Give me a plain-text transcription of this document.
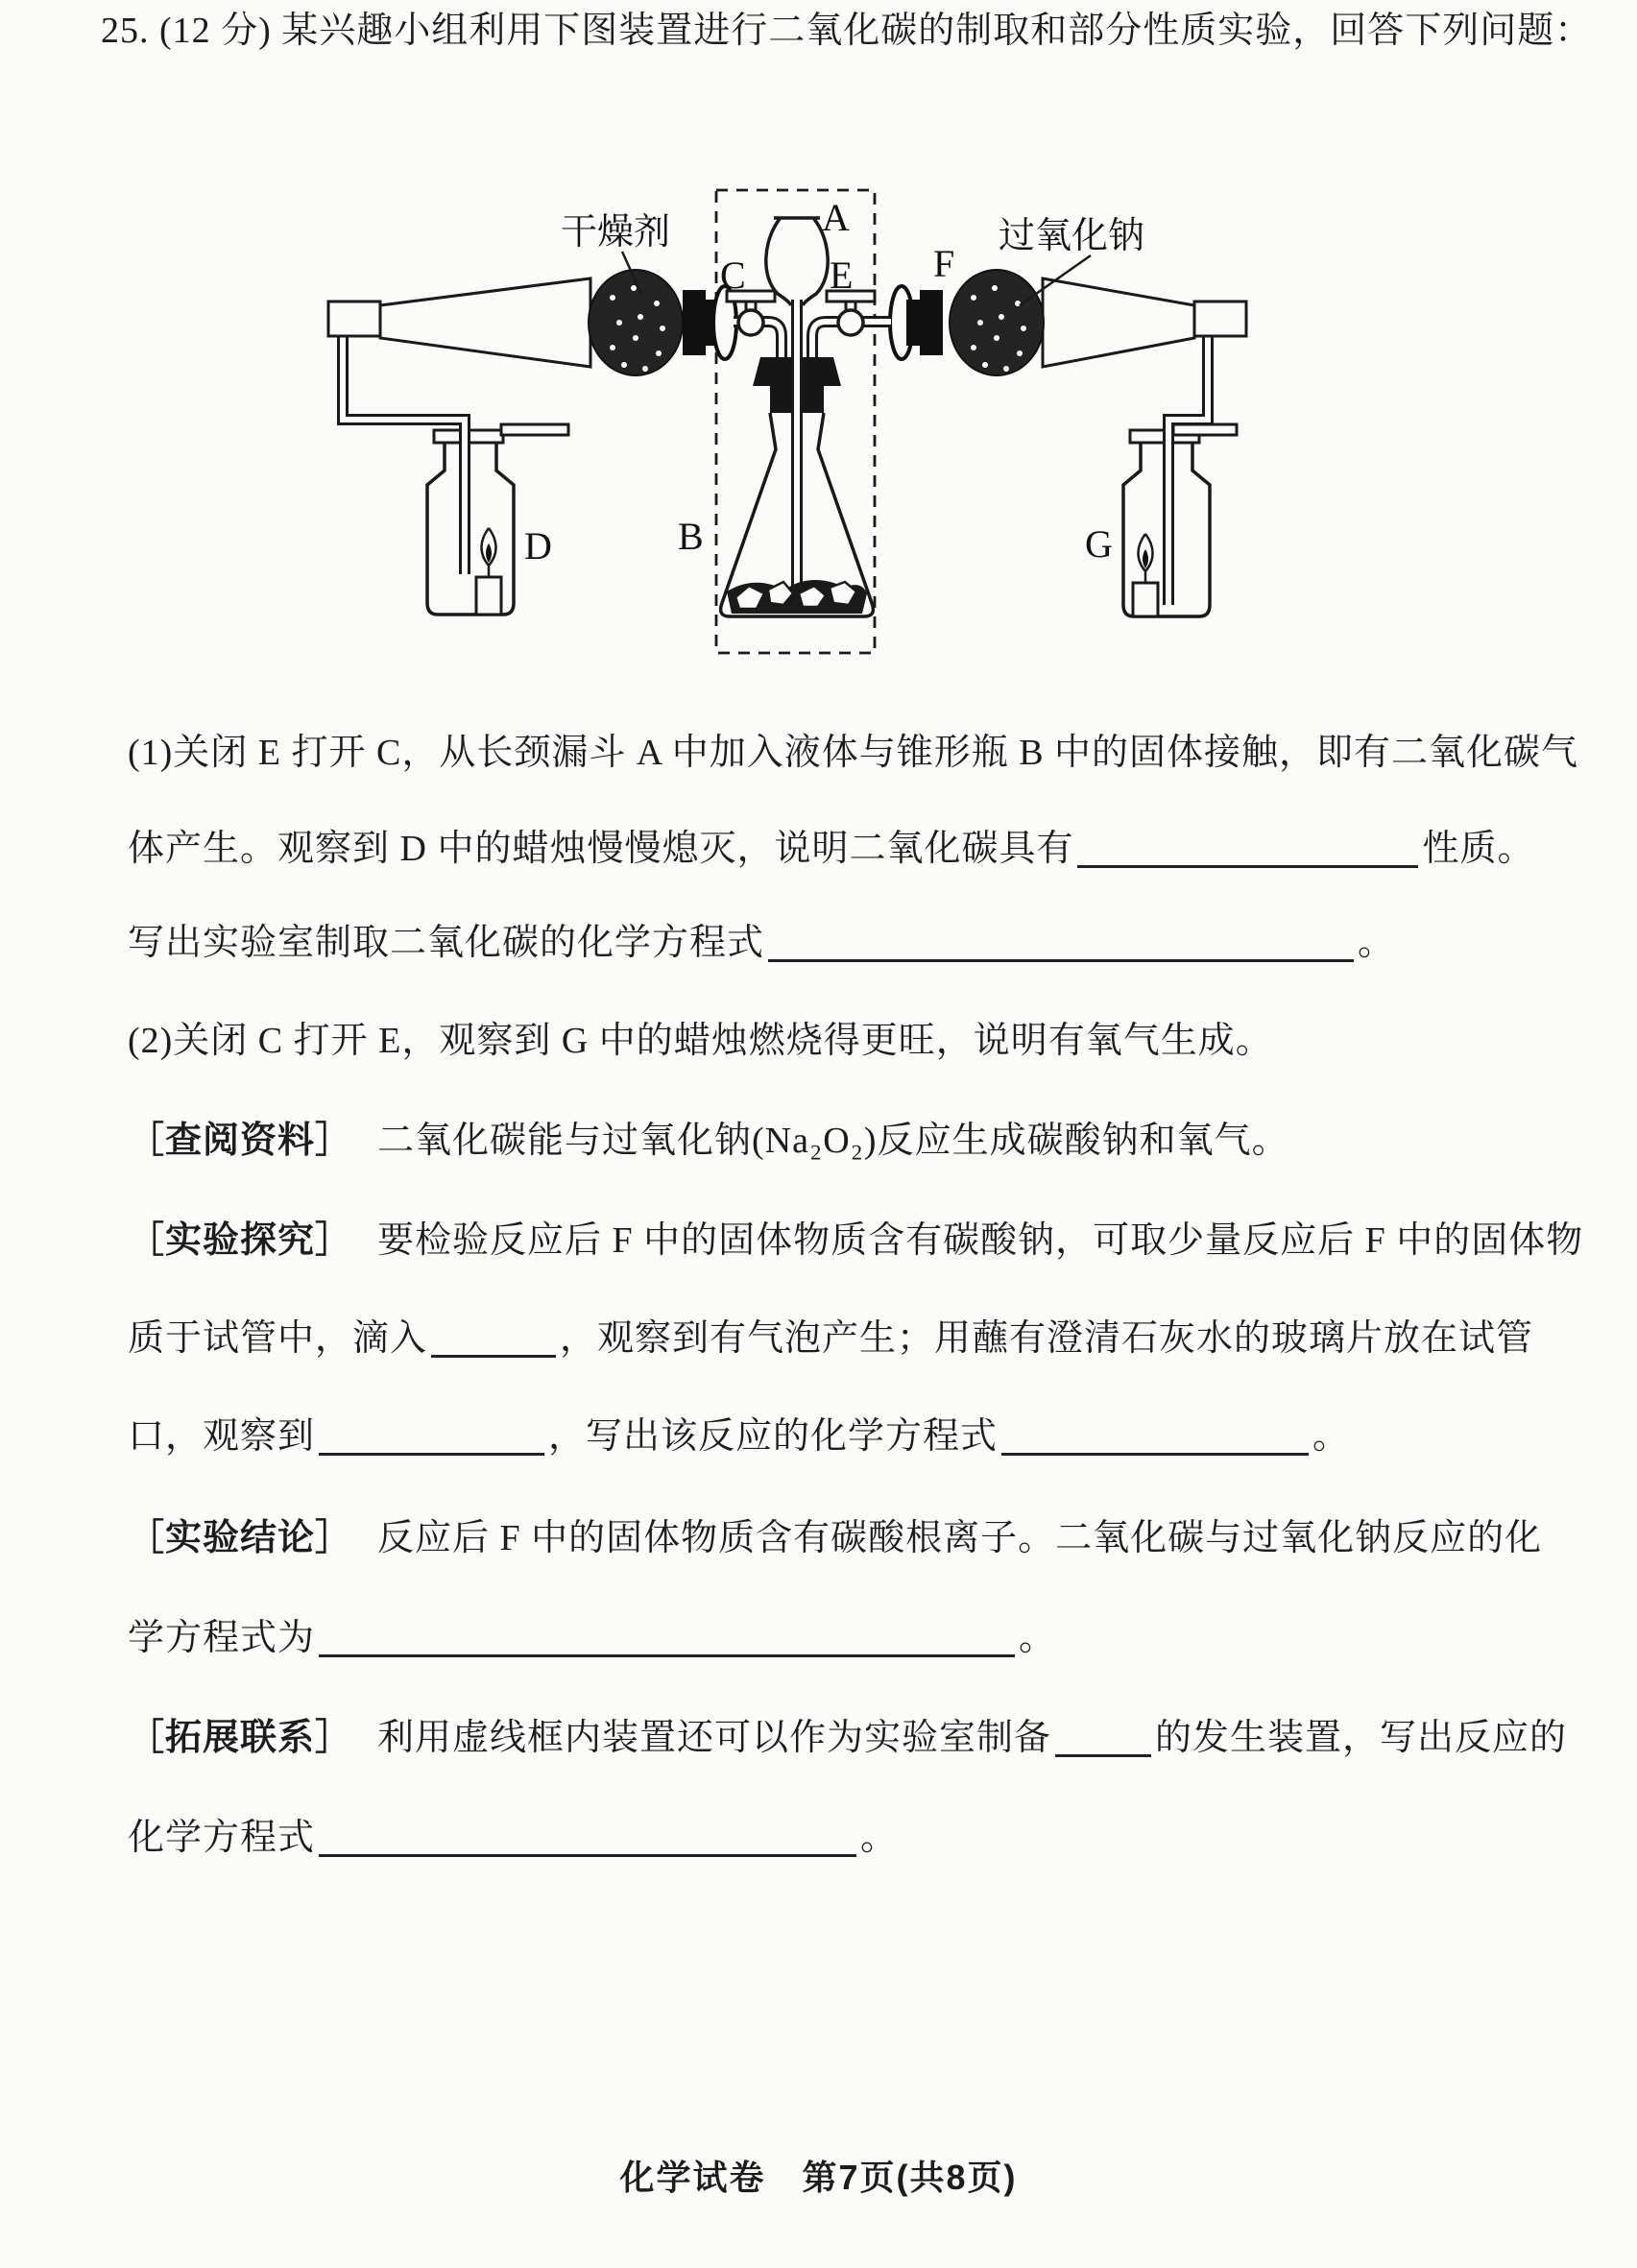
25. (12 分) 某兴趣小组利用下图装置进行二氧化碳的制取和部分性质实验，回答下列问题：
A
B
C
D
E F
G
干燥剂	过氧化钠
(1)关闭 E 打开 C，从长颈漏斗 A 中加入液体与锥形瓶 B 中的固体接触，即有二氧化碳气
体产生。观察到 D 中的蜡烛慢慢熄灭，说明二氧化碳具有	性质。
写出实验室制取二氧化碳的化学方程式	。
(2)关闭 C 打开 E，观察到 G 中的蜡烛燃烧得更旺，说明有氧气生成。
［查阅资料］ 二氧化碳能与过氧化钠(Na₂O₂)反应生成碳酸钠和氧气。
［实验探究］ 要检验反应后 F 中的固体物质含有碳酸钠，可取少量反应后 F 中的固体物
质于试管中，滴入	，观察到有气泡产生；用蘸有澄清石灰水的玻璃片放在试管
口，观察到	，写出该反应的化学方程式	。
［实验结论］ 反应后 F 中的固体物质含有碳酸根离子。二氧化碳与过氧化钠反应的化
学方程式为	。
［拓展联系］ 利用虚线框内装置还可以作为实验室制备	的发生装置，写出反应的
化学方程式	。
化学试卷　第7页(共8页)
